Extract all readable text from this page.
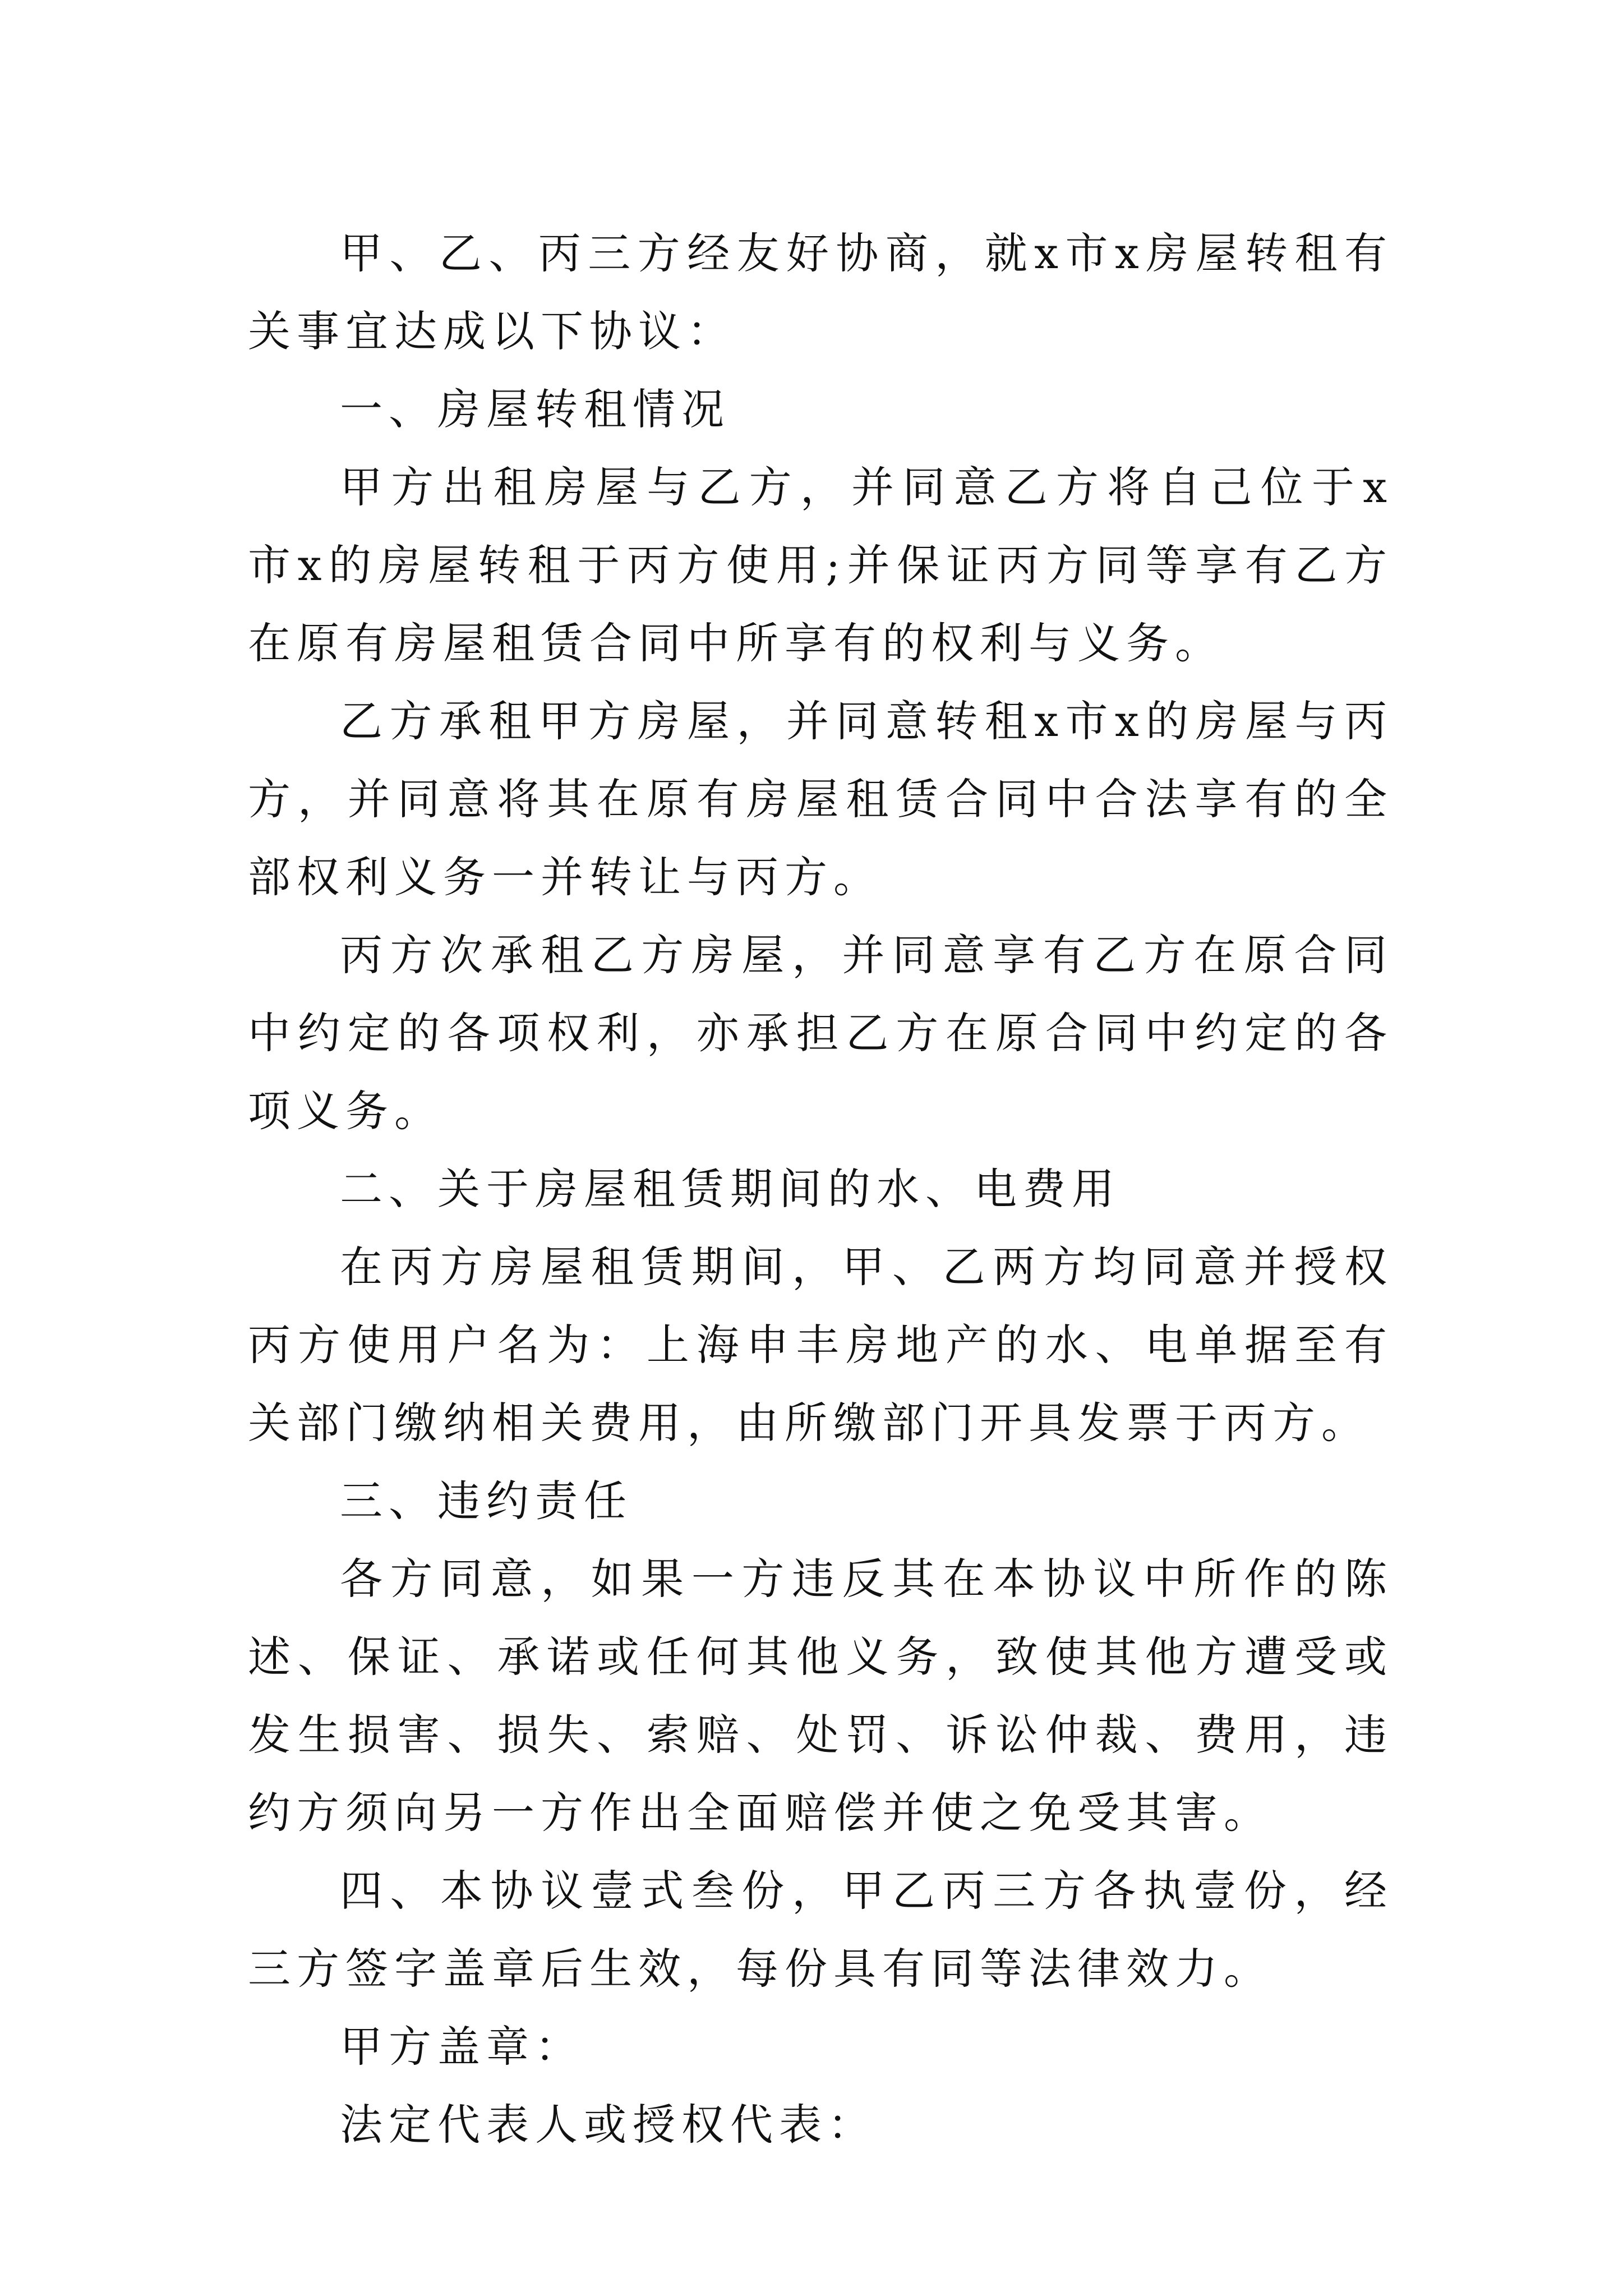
甲、乙、丙三方经友好协商，就x市x房屋转租有关事宜达成以下协议：

一、房屋转租情况

甲方出租房屋与乙方，并同意乙方将自己位于x市x的房屋转租于丙方使用;并保证丙方同等享有乙方在原有房屋租赁合同中所享有的权利与义务。

乙方承租甲方房屋，并同意转租x市x的房屋与丙方，并同意将其在原有房屋租赁合同中合法享有的全部权利义务一并转让与丙方。

丙方次承租乙方房屋，并同意享有乙方在原合同中约定的各项权利，亦承担乙方在原合同中约定的各项义务。

二、关于房屋租赁期间的水、电费用

在丙方房屋租赁期间，甲、乙两方均同意并授权丙方使用户名为：上海申丰房地产的水、电单据至有关部门缴纳相关费用，由所缴部门开具发票于丙方。

三、违约责任

各方同意，如果一方违反其在本协议中所作的陈述、保证、承诺或任何其他义务，致使其他方遭受或发生损害、损失、索赔、处罚、诉讼仲裁、费用，违约方须向另一方作出全面赔偿并使之免受其害。

四、本协议壹式叁份，甲乙丙三方各执壹份，经三方签字盖章后生效，每份具有同等法律效力。

甲方盖章：

法定代表人或授权代表：
